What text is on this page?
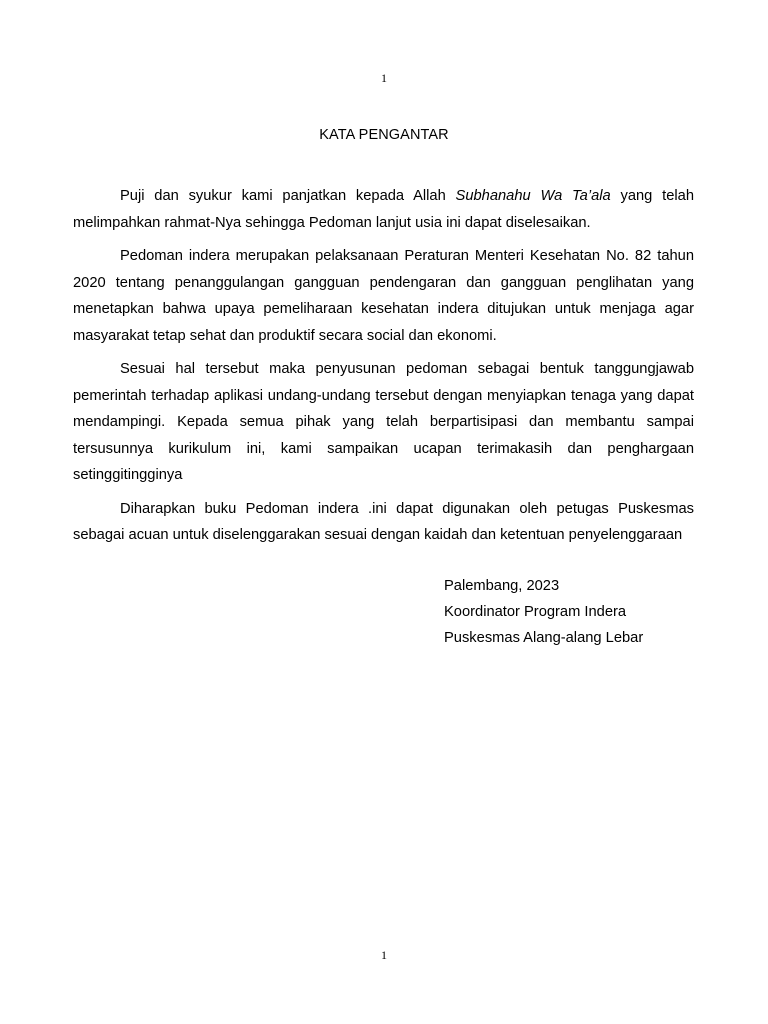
1
KATA PENGANTAR

Puji dan syukur kami panjatkan kepada Allah Subhanahu Wa Ta’ala yang telah melimpahkan rahmat-Nya sehingga Pedoman lanjut usia ini dapat diselesaikan.

Pedoman indera merupakan pelaksanaan Peraturan Menteri Kesehatan No. 82 tahun 2020 tentang penanggulangan gangguan pendengaran dan gangguan penglihatan yang menetapkan bahwa upaya pemeliharaan kesehatan indera ditujukan untuk menjaga agar masyarakat tetap sehat dan produktif secara social dan ekonomi.

Sesuai hal tersebut maka penyusunan pedoman sebagai bentuk tanggungjawab pemerintah terhadap aplikasi undang-undang tersebut dengan menyiapkan tenaga yang dapat mendampingi. Kepada semua pihak yang telah berpartisipasi dan membantu sampai tersusunnya kurikulum ini, kami sampaikan ucapan terimakasih dan penghargaan setinggitingginya

Diharapkan buku Pedoman indera .ini dapat digunakan oleh petugas Puskesmas sebagai acuan untuk diselenggarakan sesuai dengan kaidah dan ketentuan penyelenggaraan

Palembang, 2023
Koordinator Program Indera
Puskesmas Alang-alang Lebar
1
